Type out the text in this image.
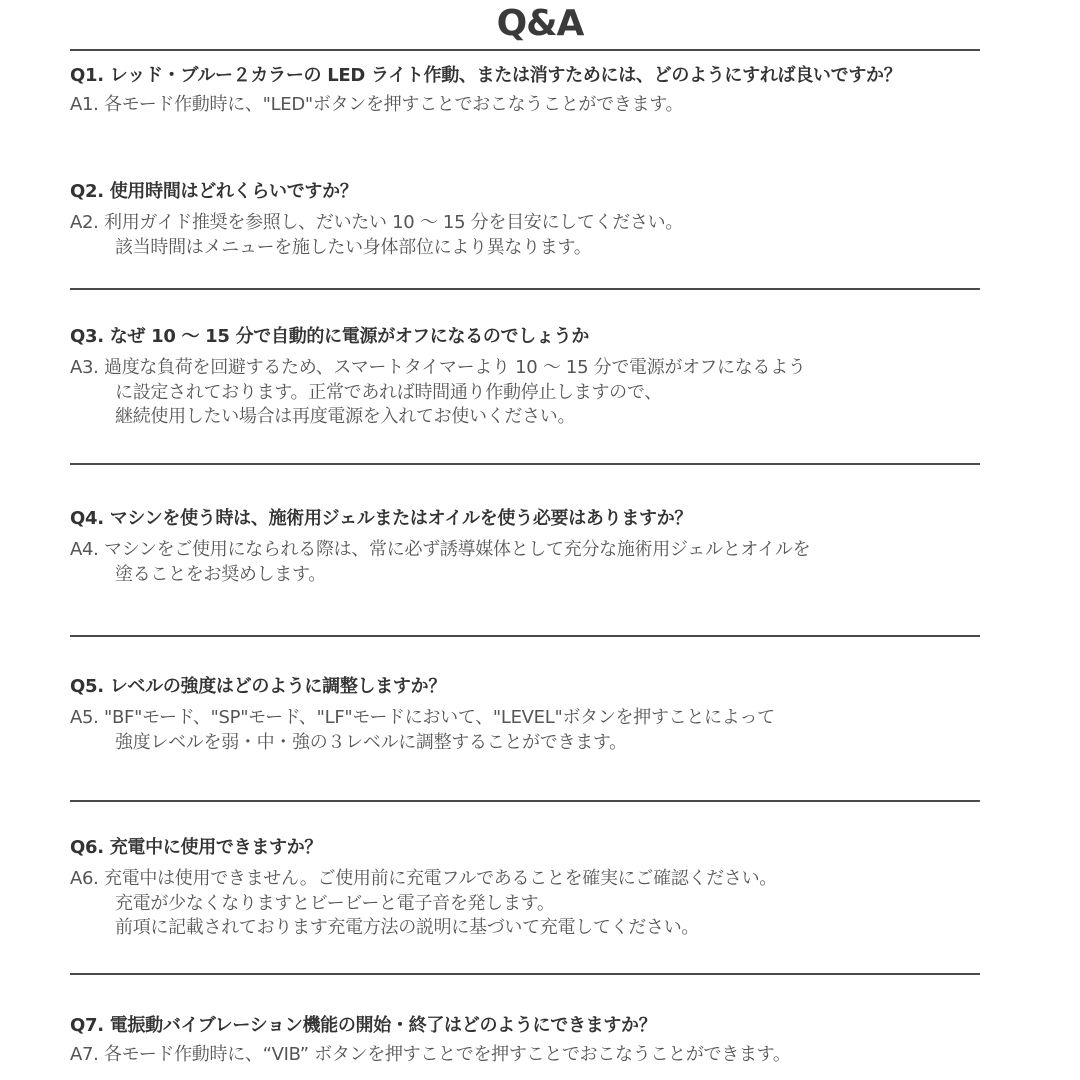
Q&A
Q1. レッド・ブルー２カラーの LED ライト作動、または消すためには、どのようにすれば良いですか？
A1. 各モード作動時に、"LED"ボタンを押すことでおこなうことができます。
Q2. 使用時間はどれくらいですか？
A2. 利用ガイド推奨を参照し、だいたい 10 ～ 15 分を目安にしてください。
該当時間はメニューを施したい身体部位により異なります。
Q3. なぜ 10 ～ 15 分で自動的に電源がオフになるのでしょうか
A3. 過度な負荷を回避するため、スマートタイマーより 10 ～ 15 分で電源がオフになるよう
に設定されております。正常であれば時間通り作動停止しますので、
継続使用したい場合は再度電源を入れてお使いください。
Q4. マシンを使う時は、施術用ジェルまたはオイルを使う必要はありますか？
A4. マシンをご使用になられる際は、常に必ず誘導媒体として充分な施術用ジェルとオイルを
塗ることをお奨めします。
Q5. レベルの強度はどのように調整しますか？
A5. "BF"モード、"SP"モード、"LF"モードにおいて、"LEVEL"ボタンを押すことによって
強度レベルを弱・中・強の３レベルに調整することができます。
Q6. 充電中に使用できますか？
A6. 充電中は使用できません。ご使用前に充電フルであることを確実にご確認ください。
充電が少なくなりますとビービーと電子音を発します。
前項に記載されております充電方法の説明に基づいて充電してください。
Q7. 電振動バイブレーション機能の開始・終了はどのようにできますか？
A7. 各モード作動時に、“VIB” ボタンを押すことでを押すことでおこなうことができます。
